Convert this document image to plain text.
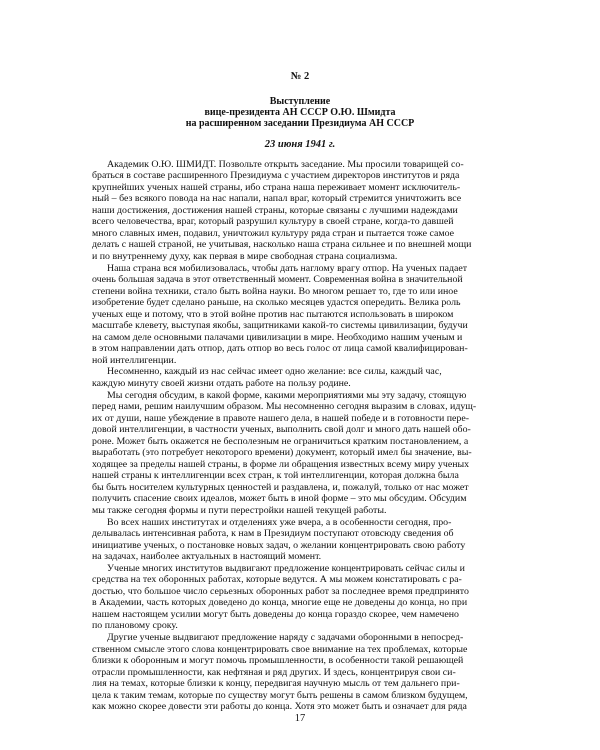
№ 2
Выступление
вице-президента АН СССР О.Ю. Шмидта
на расширенном заседании Президиума АН СССР
23 июня 1941 г.

Академик О.Ю. ШМИДТ. Позвольте открыть заседание. Мы просили товарищей со-
браться в составе расширенного Президиума с участием директоров институтов и ряда
крупнейших ученых нашей страны, ибо страна наша переживает момент исключитель-
ный – без всякого повода на нас напали, напал враг, который стремится уничтожить все
наши достижения, достижения нашей страны, которые связаны с лучшими надеждами
всего человечества, враг, который разрушил культуру в своей стране, когда-то давшей
много славных имен, подавил, уничтожил культуру ряда стран и пытается тоже самое
делать с нашей страной, не учитывая, насколько наша страна сильнее и по внешней мощи
и по внутреннему духу, как первая в мире свободная страна социализма.

Наша страна вся мобилизовалась, чтобы дать наглому врагу отпор. На ученых падает
очень большая задача в этот ответственный момент. Современная война в значительной
степени война техники, стало быть война науки. Во многом решает то, где то или иное
изобретение будет сделано раньше, на сколько месяцев удастся опередить. Велика роль
ученых еще и потому, что в этой войне против нас пытаются использовать в широком
масштабе клевету, выступая якобы, защитниками какой-то системы цивилизации, будучи
на самом деле основными палачами цивилизации в мире. Необходимо нашим ученым и
в этом направлении дать отпор, дать отпор во весь голос от лица самой квалифицирован-
ной интеллигенции.

Несомненно, каждый из нас сейчас имеет одно желание: все силы, каждый час,
каждую минуту своей жизни отдать работе на пользу родине.

Мы сегодня обсудим, в какой форме, какими мероприятиями мы эту задачу, стоящую
перед нами, решим наилучшим образом. Мы несомненно сегодня выразим в словах, идущ-
их от души, наше убеждение в правоте нашего дела, в нашей победе и в готовности пере-
довой интеллигенции, в частности ученых, выполнить свой долг и много дать нашей обо-
роне. Может быть окажется не бесполезным не ограничиться кратким постановлением, а
выработать (это потребует некоторого времени) документ, который имел бы значение, вы-
ходящее за пределы нашей страны, в форме ли обращения известных всему миру ученых
нашей страны к интеллигенции всех стран, к той интеллигенции, которая должна была
бы быть носителем культурных ценностей и раздавлена, и, пожалуй, только от нас может
получить спасение своих идеалов, может быть в иной форме – это мы обсудим. Обсудим
мы также сегодня формы и пути перестройки нашей текущей работы.

Во всех наших институтах и отделениях уже вчера, а в особенности сегодня, про-
делывалась интенсивная работа, к нам в Президиум поступают отовсюду сведения об
инициативе ученых, о постановке новых задач, о желании концентрировать свою работу
на задачах, наиболее актуальных в настоящий момент.

Ученые многих институтов выдвигают предложение концентрировать сейчас силы и
средства на тех оборонных работах, которые ведутся. А мы можем констатировать с ра-
достью, что большое число серьезных оборонных работ за последнее время предпринято
в Академии, часть которых доведено до конца, многие еще не доведены до конца, но при
нашем настоящем усилии могут быть доведены до конца гораздо скорее, чем намечено
по плановому сроку.

Другие ученые выдвигают предложение наряду с задачами оборонными в непосред-
ственном смысле этого слова концентрировать свое внимание на тех проблемах, которые
близки к оборонным и могут помочь промышленности, в особенности такой решающей
отрасли промышленности, как нефтяная и ряд других. И здесь, концентрируя свои си-
лия на темах, которые близки к концу, передвигая научную мысль от тем дальнего при-
цела к таким темам, которые по существу могут быть решены в самом близком будущем,
как можно скорее довести эти работы до конца. Хотя это может быть и означает для ряда

17
